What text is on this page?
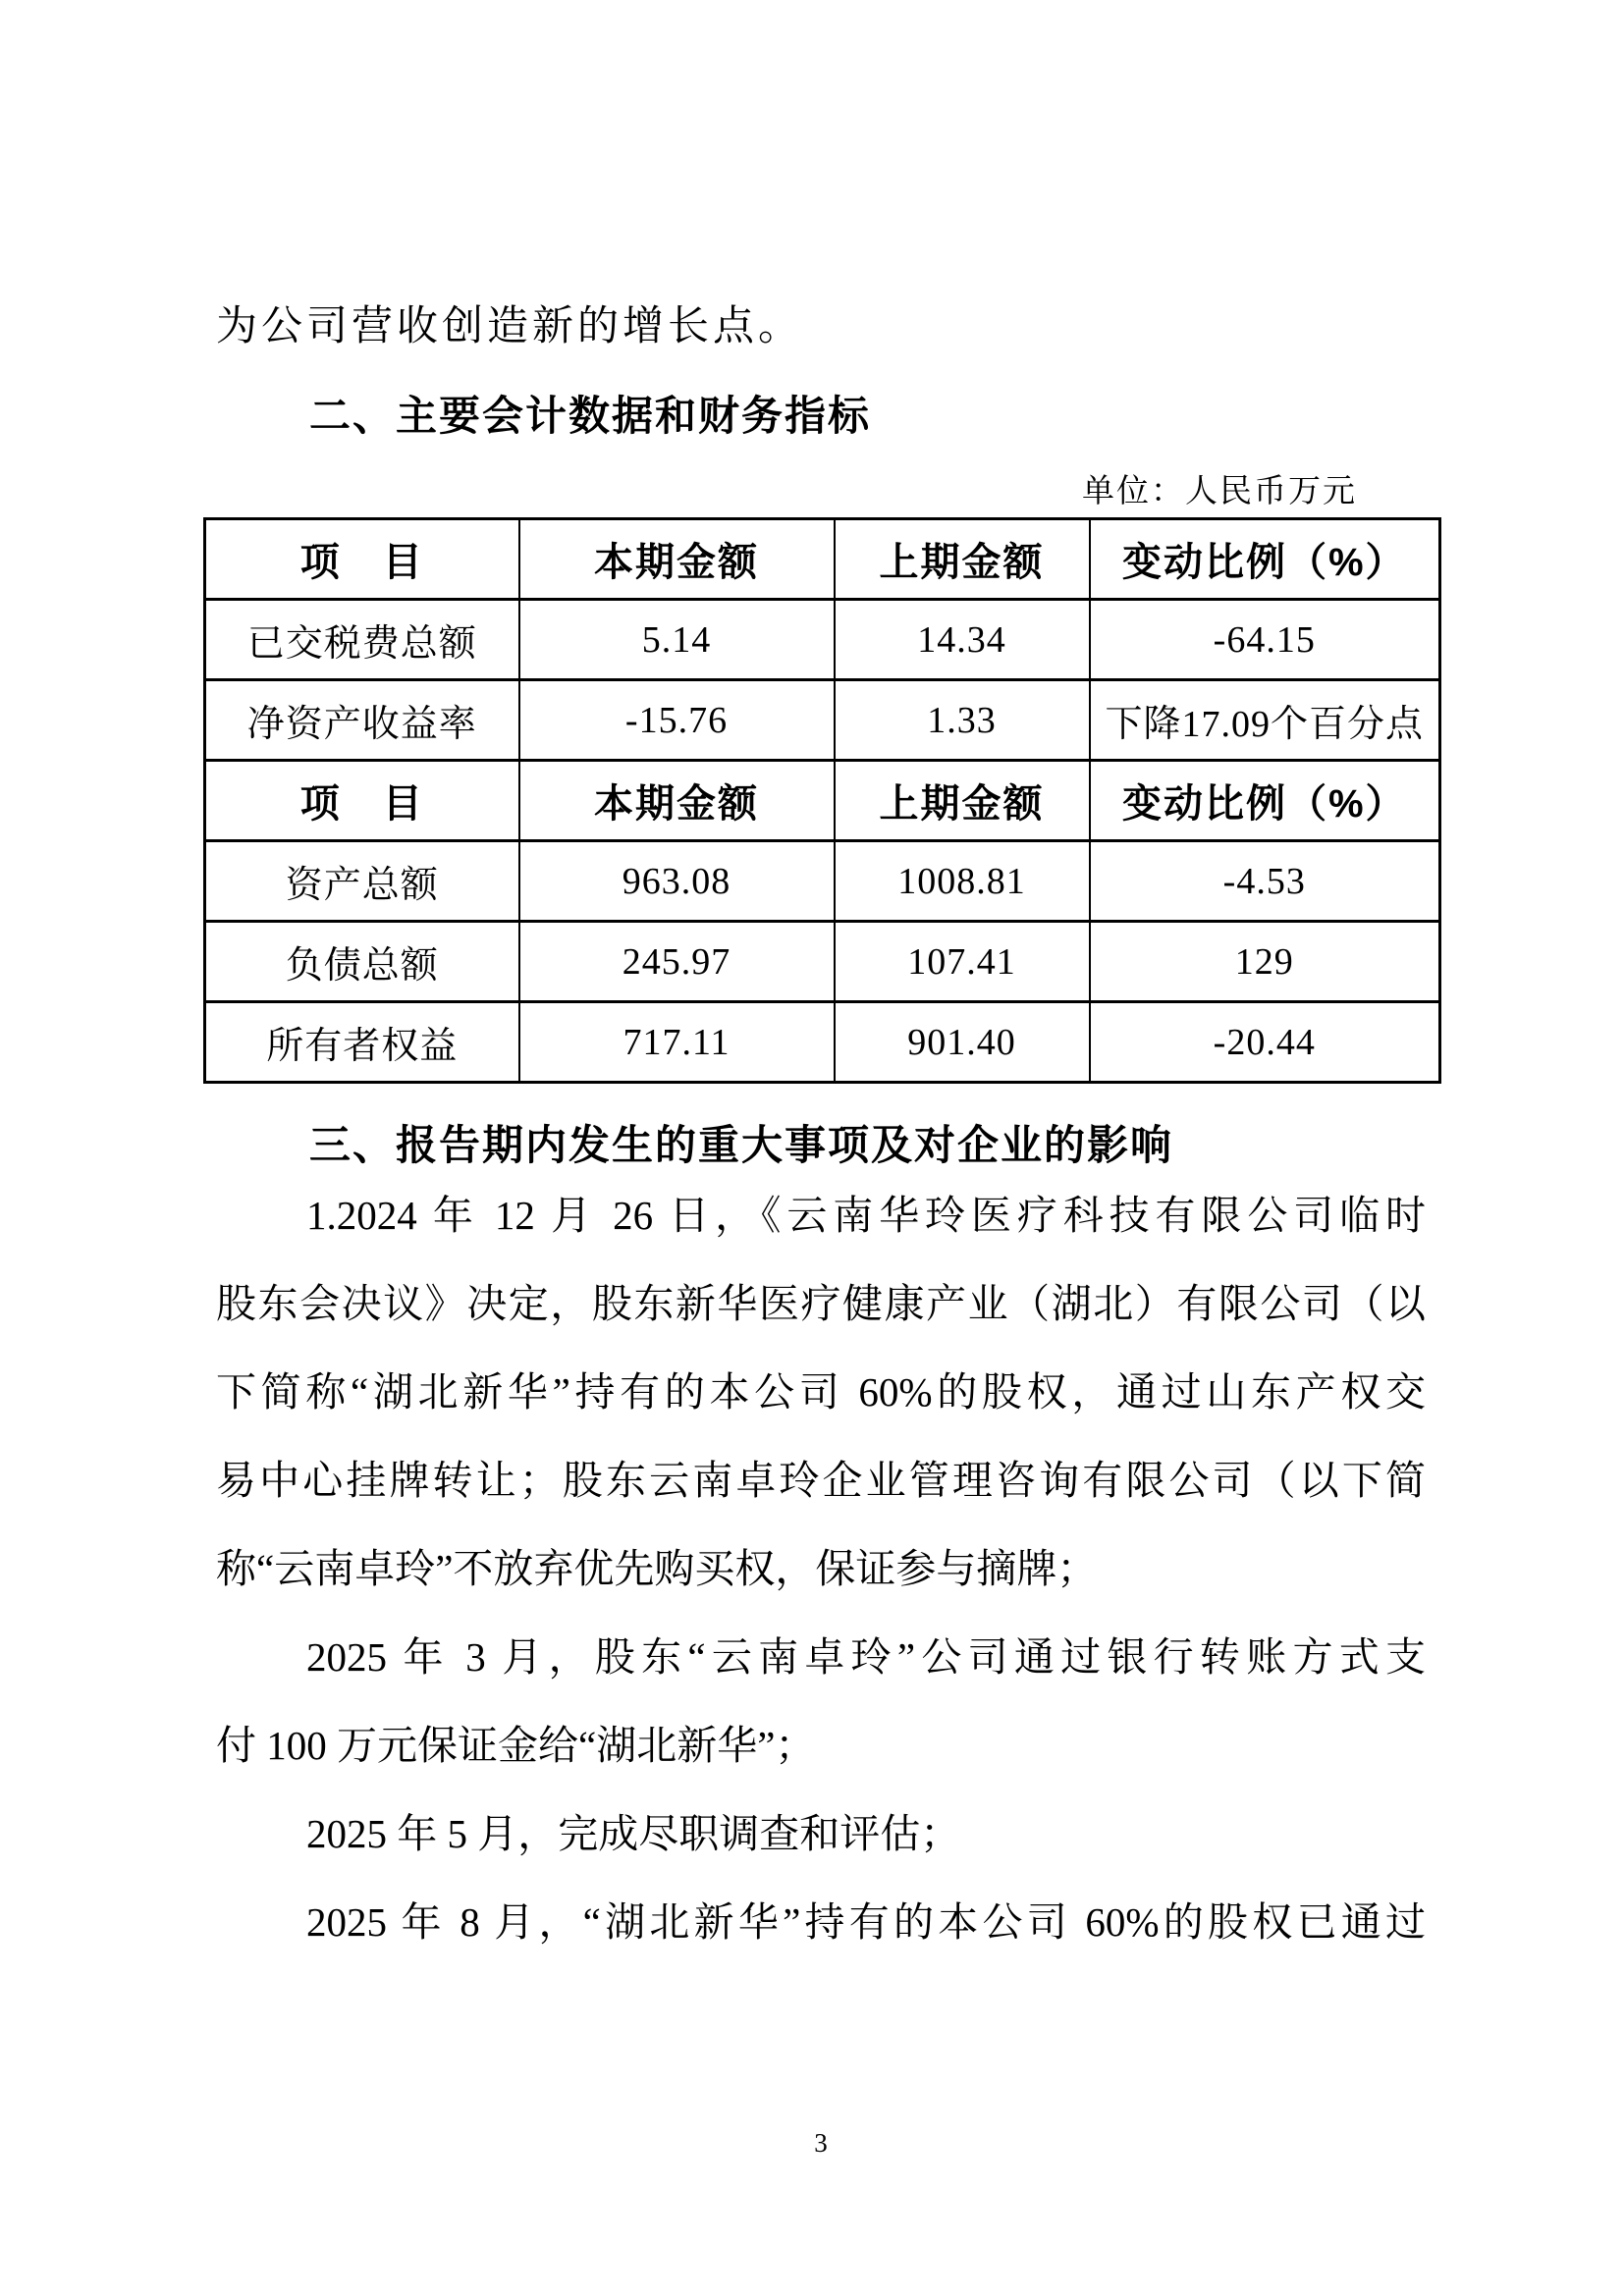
为公司营收创造新的增长点。
二、主要会计数据和财务指标
单位：人民币万元
项　目	本期金额	上期金额	变动比例（%）
已交税费总额	5.14	14.34	-64.15
净资产收益率	-15.76	1.33	下降17.09个百分点
项　目	本期金额	上期金额	变动比例（%）
资产总额	963.08	1008.81	-4.53
负债总额	245.97	107.41	129
所有者权益	717.11	901.40	-20.44
三、报告期内发生的重大事项及对企业的影响
1.2024 年 12 月 26 日，《云南华玲医疗科技有限公司临时
股东会决议》决定，股东新华医疗健康产业（湖北）有限公司（以
下简称“湖北新华”持有的本公司 60%的股权，通过山东产权交
易中心挂牌转让；股东云南卓玲企业管理咨询有限公司（以下简
称“云南卓玲”不放弃优先购买权，保证参与摘牌；
2025 年 3 月，股东“云南卓玲”公司通过银行转账方式支
付 100 万元保证金给“湖北新华”；
2025 年 5 月，完成尽职调查和评估；
2025 年 8 月，“湖北新华”持有的本公司 60%的股权已通过
3
